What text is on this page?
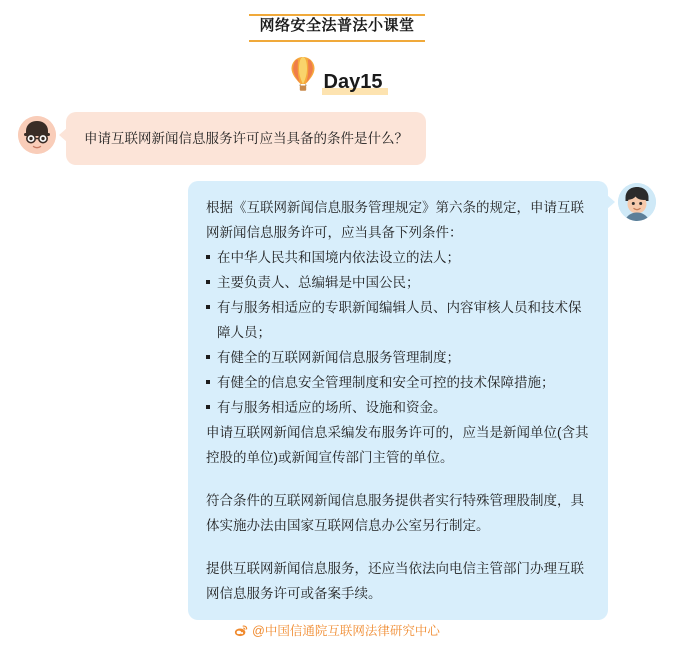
网络安全法普法小课堂
Day15
申请互联网新闻信息服务许可应当具备的条件是什么？
根据《互联网新闻信息服务管理规定》第六条的规定，申请互联网新闻信息服务许可，应当具备下列条件：
在中华人民共和国境内依法设立的法人；
主要负责人、总编辑是中国公民；
有与服务相适应的专职新闻编辑人员、内容审核人员和技术保障人员；
有健全的互联网新闻信息服务管理制度；
有健全的信息安全管理制度和安全可控的技术保障措施；
有与服务相适应的场所、设施和资金。
申请互联网新闻信息采编发布服务许可的，应当是新闻单位(含其控股的单位)或新闻宣传部门主管的单位。
符合条件的互联网新闻信息服务提供者实行特殊管理股制度，具体实施办法由国家互联网信息办公室另行制定。
提供互联网新闻信息服务，还应当依法向电信主管部门办理互联网信息服务许可或备案手续。
@中国信通院互联网法律研究中心
